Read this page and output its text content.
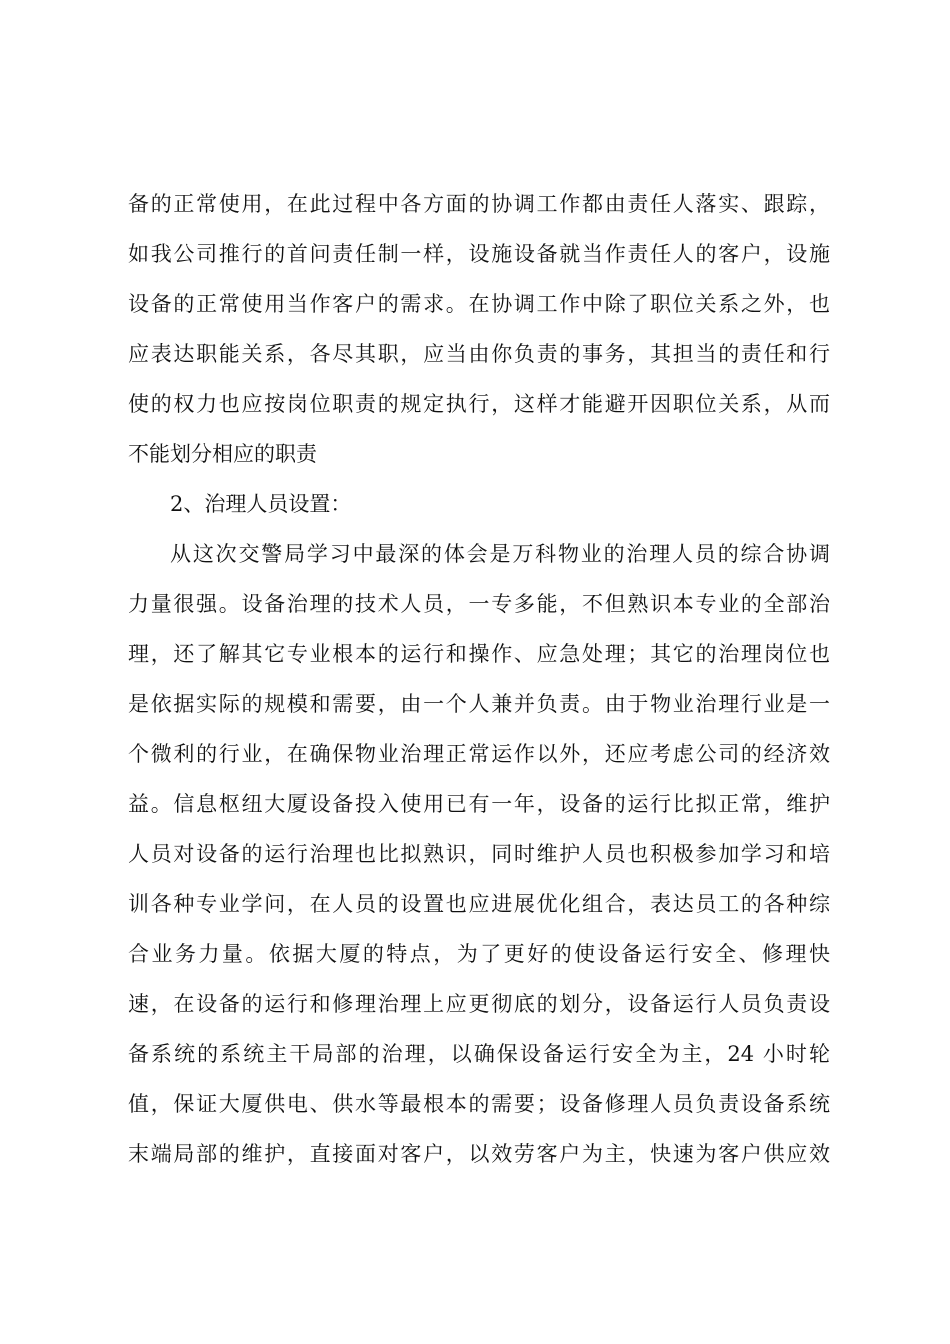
备的正常使用，在此过程中各方面的协调工作都由责任人落实、跟踪，
如我公司推行的首问责任制一样，设施设备就当作责任人的客户，设施
设备的正常使用当作客户的需求。在协调工作中除了职位关系之外，也
应表达职能关系，各尽其职，应当由你负责的事务，其担当的责任和行
使的权力也应按岗位职责的规定执行，这样才能避开因职位关系，从而
不能划分相应的职责
2、治理人员设置：
从这次交警局学习中最深的体会是万科物业的治理人员的综合协调
力量很强。设备治理的技术人员，一专多能，不但熟识本专业的全部治
理，还了解其它专业根本的运行和操作、应急处理；其它的治理岗位也
是依据实际的规模和需要，由一个人兼并负责。由于物业治理行业是一
个微利的行业，在确保物业治理正常运作以外，还应考虑公司的经济效
益。信息枢纽大厦设备投入使用已有一年，设备的运行比拟正常，维护
人员对设备的运行治理也比拟熟识，同时维护人员也积极参加学习和培
训各种专业学问，在人员的设置也应进展优化组合，表达员工的各种综
合业务力量。依据大厦的特点，为了更好的使设备运行安全、修理快
速，在设备的运行和修理治理上应更彻底的划分，设备运行人员负责设
备系统的系统主干局部的治理，以确保设备运行安全为主，24 小时轮
值，保证大厦供电、供水等最根本的需要；设备修理人员负责设备系统
末端局部的维护，直接面对客户，以效劳客户为主，快速为客户供应效
